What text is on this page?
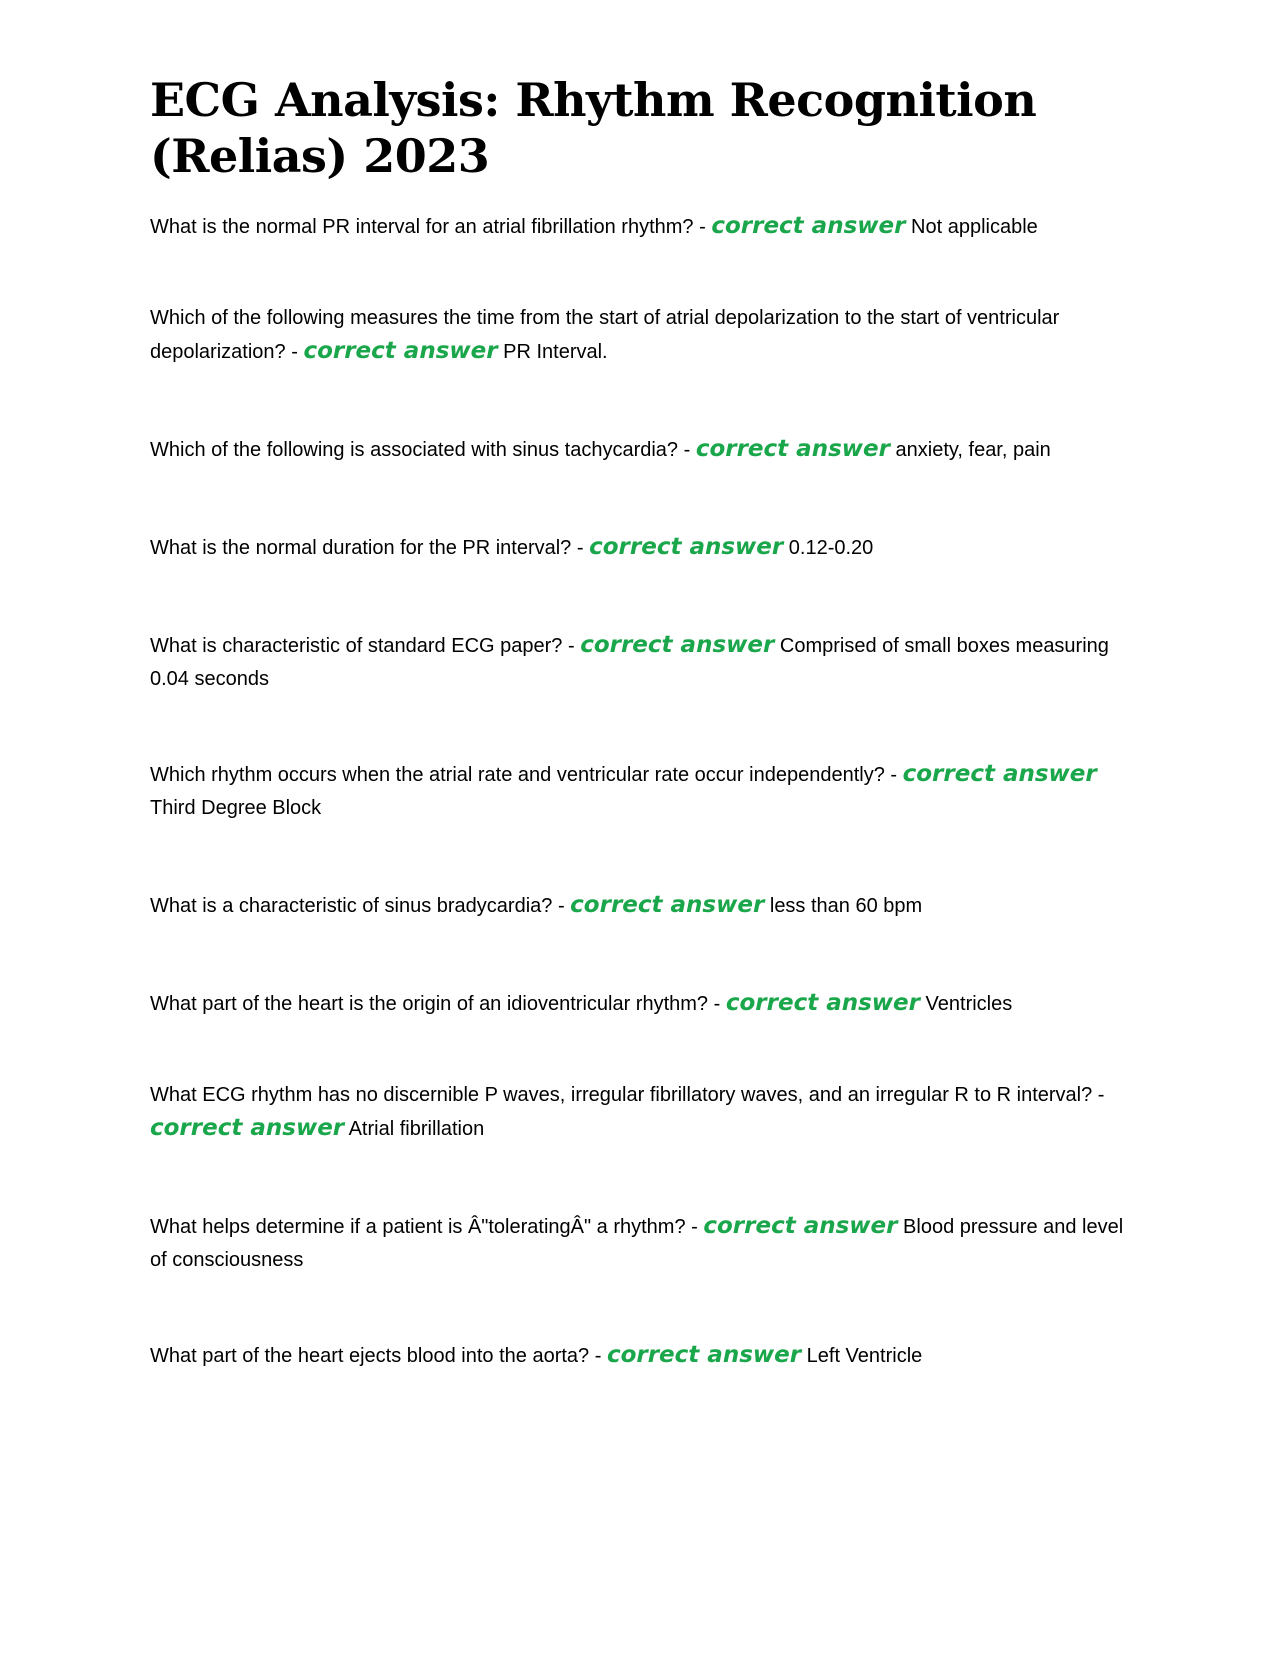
ECG Analysis: Rhythm Recognition (Relias) 2023

What is the normal PR interval for an atrial fibrillation rhythm? - correct answer Not applicable

Which of the following measures the time from the start of atrial depolarization to the start of ventricular depolarization? - correct answer PR Interval.

Which of the following is associated with sinus tachycardia? - correct answer anxiety, fear, pain

What is the normal duration for the PR interval? - correct answer 0.12-0.20

What is characteristic of standard ECG paper? - correct answer Comprised of small boxes measuring 0.04 seconds

Which rhythm occurs when the atrial rate and ventricular rate occur independently? - correct answer Third Degree Block

What is a characteristic of sinus bradycardia? - correct answer less than 60 bpm

What part of the heart is the origin of an idioventricular rhythm? - correct answer Ventricles

What ECG rhythm has no discernible P waves, irregular fibrillatory waves, and an irregular R to R interval? - correct answer Atrial fibrillation

What helps determine if a patient is Â"toleratingÂ" a rhythm? - correct answer Blood pressure and level of consciousness

What part of the heart ejects blood into the aorta? - correct answer Left Ventricle
